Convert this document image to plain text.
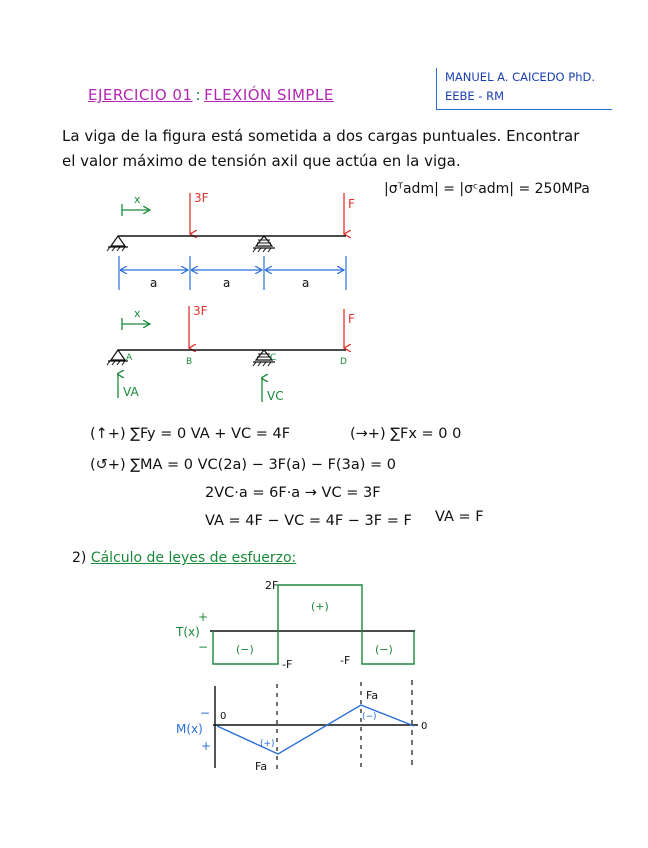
EJERCICIO 01 : FLEXIÓN SIMPLE
MANUEL A. CAICEDO PhD.
EEBE - RM
La viga de la figura está sometida a dos cargas puntuales. Encontrar
el valor máximo de tensión axil que actúa en la viga.
|σᵀadm| = |σᶜadm| = 250MPa
x	3F	F
a	a	a
x	3F
F
A	B	C	D
VA	VC
2F
-F	-F
(−)
(+)
(−)
T(x)
+
−
0
0
Fa
Fa
(+)
(−)
M(x)
−
+
(↑+) ∑Fy = 0 VA + VC = 4F	(→+) ∑Fx = 0 0
(↺+) ∑MA = 0 VC(2a) − 3F(a) − F(3a) = 0
2VC·a = 6F·a → VC = 3F
VA = 4F − VC = 4F − 3F = F VA = F
2) Cálculo de leyes de esfuerzo:
